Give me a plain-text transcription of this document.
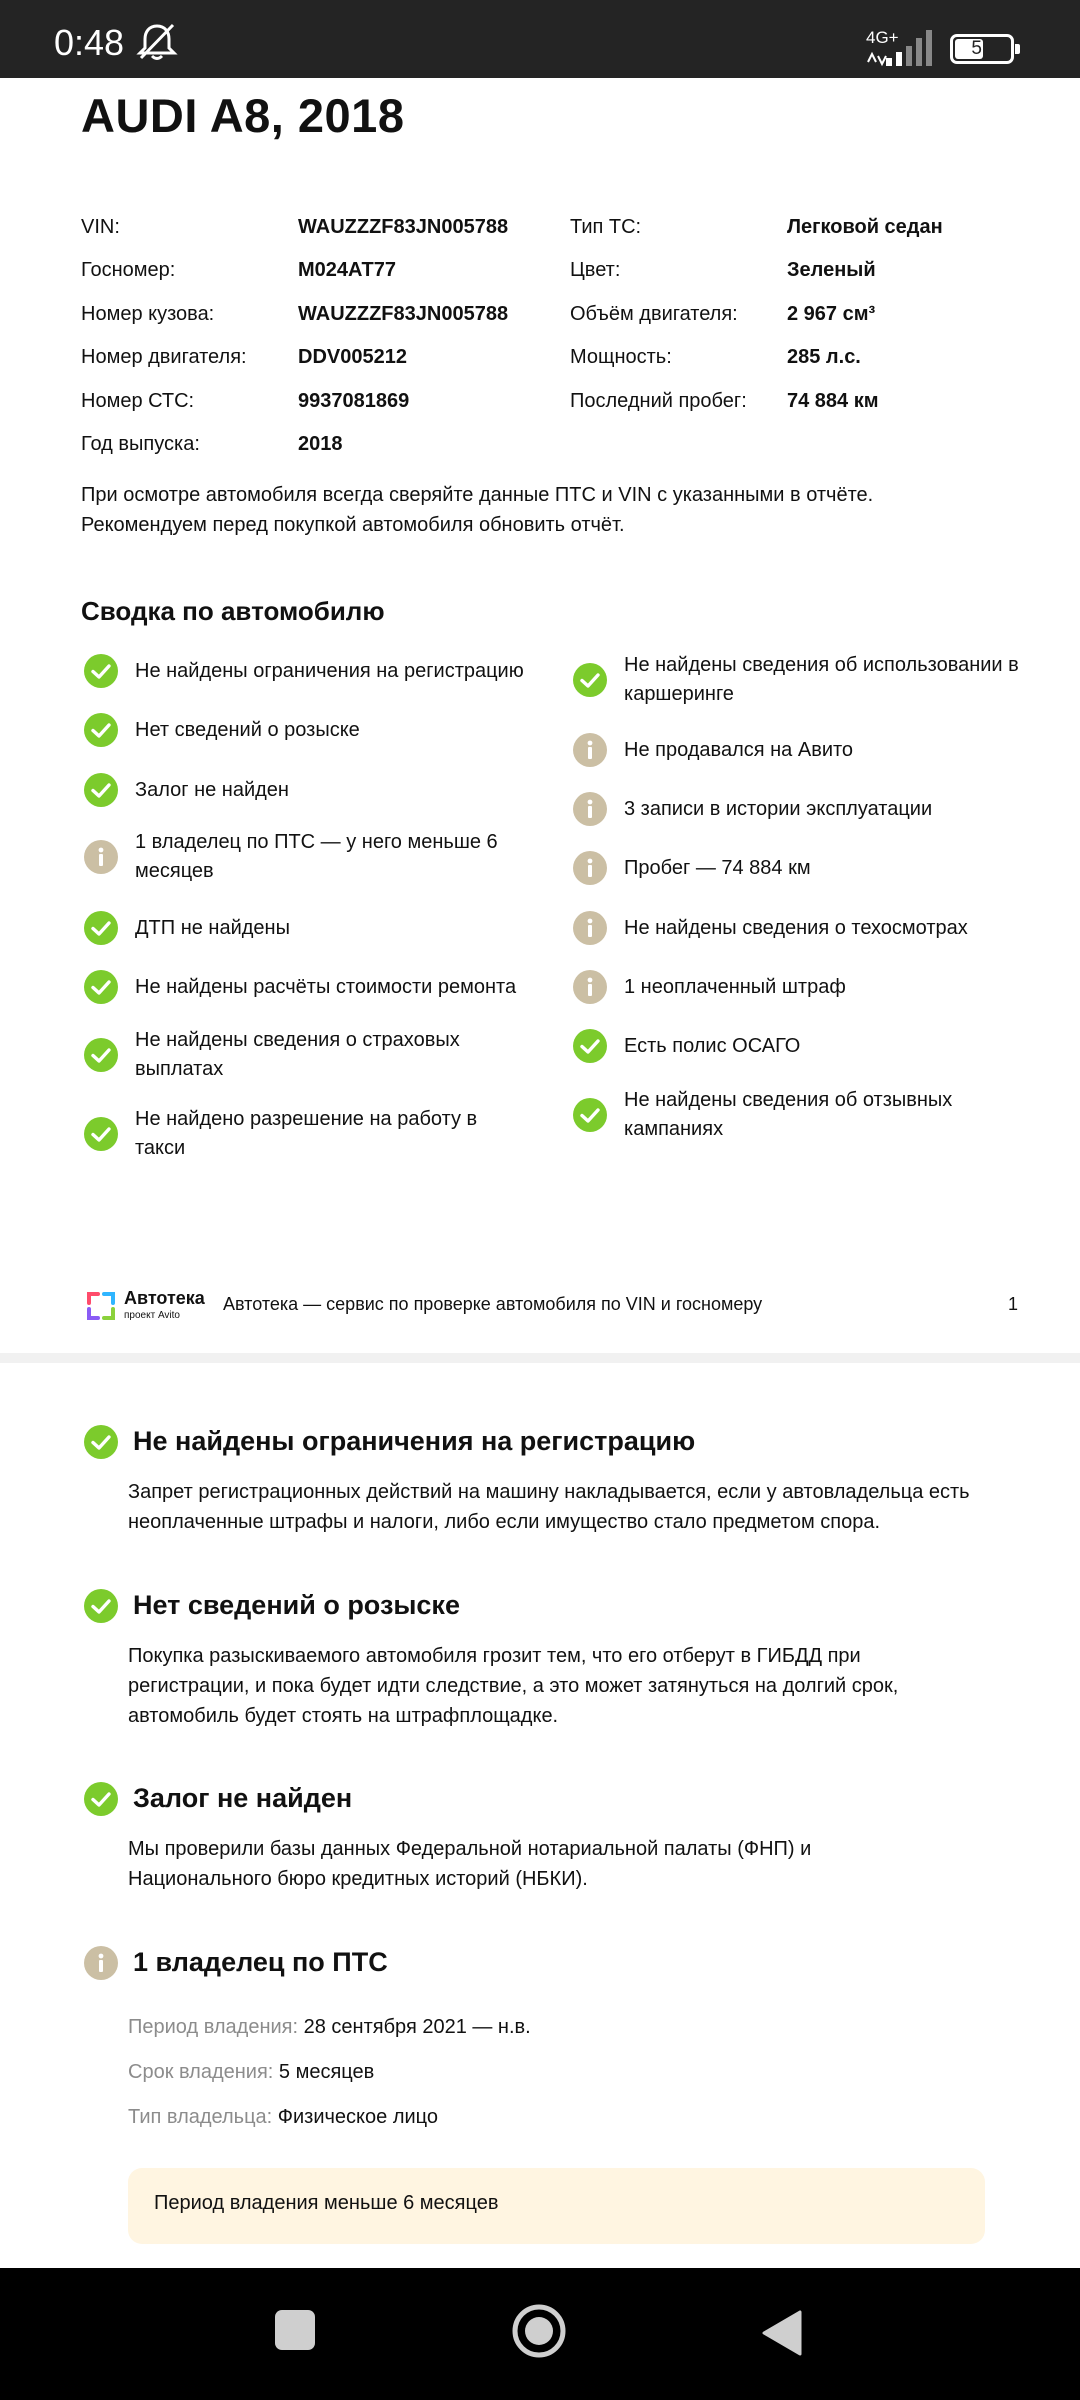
0:48	4G+
51
AUDI A8, 2018
VIN:	WAUZZZF83JN005788
Госномер:	М024АТ77
Номер кузова:	WAUZZZF83JN005788
Номер двигателя:	DDV005212
Номер СТС:	9937081869
Год выпуска:	2018
Тип ТС:	Легковой седан
Цвет:	Зеленый
Объём двигателя: 2 967 см³
Мощность:	285 л.с.
Последний пробег: 74 884 км
При осмотре автомобиля всегда сверяйте данные ПТС и VIN с указанными в отчёте. Рекомендуем перед покупкой автомобиля обновить отчёт.
Сводка по автомобилю
Не найдены ограничения на регистрацию
Нет сведений о розыске
Залог не найден
1 владелец по ПТС — у него меньше 6 месяцев
ДТП не найдены
Не найдены расчёты стоимости ремонта
Не найдены сведения о страховых выплатах
Не найдено разрешение на работу в такси
Не найдены сведения об использовании в каршеринге
Не продавался на Авито
3 записи в истории эксплуатации
Пробег — 74 884 км
Не найдены сведения о техосмотрах
1 неоплаченный штраф
Есть полис ОСАГО
Не найдены сведения об отзывных кампаниях
Автотека
проект Avito
Автотека — сервис по проверке автомобиля по VIN и госномеру	1
Не найдены ограничения на регистрацию
Запрет регистрационных действий на машину накладывается, если у автовладельца есть неоплаченные штрафы и налоги, либо если имущество стало предметом спора.
Нет сведений о розыске
Покупка разыскиваемого автомобиля грозит тем, что его отберут в ГИБДД при регистрации, и пока будет идти следствие, а это может затянуться на долгий срок, автомобиль будет стоять на штрафплощадке.
Залог не найден
Мы проверили базы данных Федеральной нотариальной палаты (ФНП) и Национального бюро кредитных историй (НБКИ).
1 владелец по ПТС
Период владения: 28 сентября 2021 — н.в.
Срок владения: 5 месяцев
Тип владельца: Физическое лицо
Период владения меньше 6 месяцев
